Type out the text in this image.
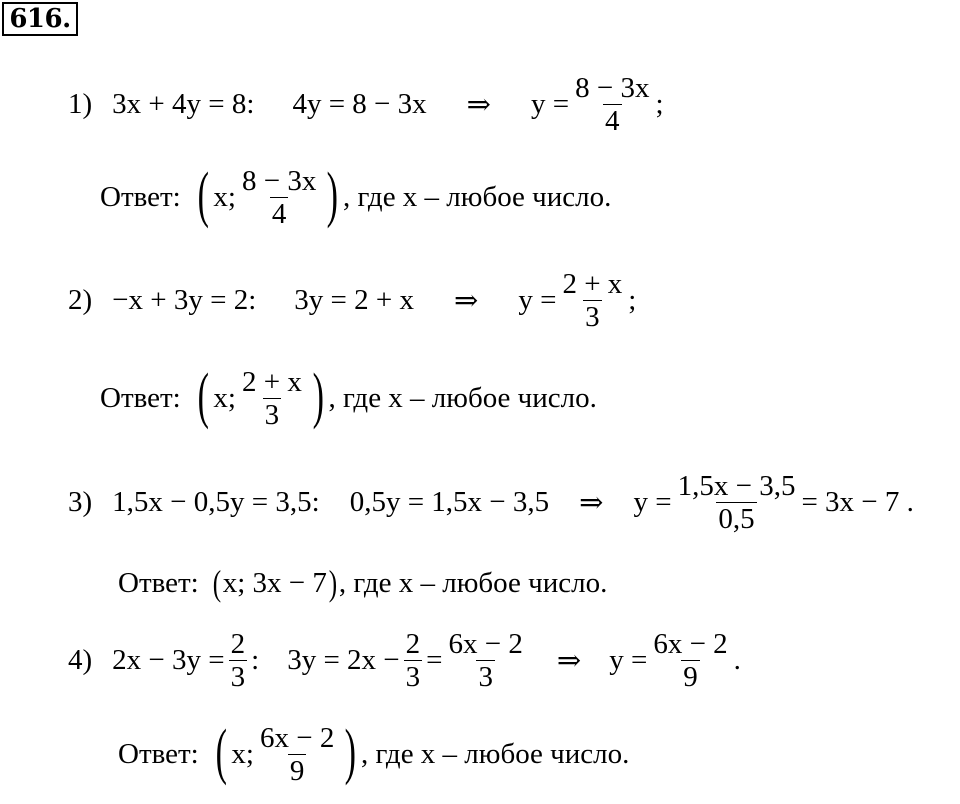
616.
1) 3x + 4y = 8: 4y = 8 − 3x ⇒ $y = \frac{8 - 3x}{4}$ ;
Ответ: ( x; $\frac{8 - 3x}{4}$ ) , где x – любое число.
2) −x + 3y = 2: 3y = 2 + x ⇒ $y = \frac{2 + x}{3}$ ;
Ответ: ( x; $\frac{2 + x}{3}$ ) , где x – любое число.
3) 1,5x − 0,5y = 3,5: 0,5y = 1,5x − 3,5 ⇒ $y = \frac{1,5x - 3,5}{0,5} = 3x - 7$ .
Ответ: ( x; 3x − 7 ) , где x – любое число.
4) $2x - 3y = \frac{2}{3}$ : $3y = 2x - \frac{2}{3} = \frac{6x - 2}{3}$ ⇒ $y = \frac{6x - 2}{9}$ .
Ответ: ( x; $\frac{6x - 2}{9}$ ) , где x – любое число.
